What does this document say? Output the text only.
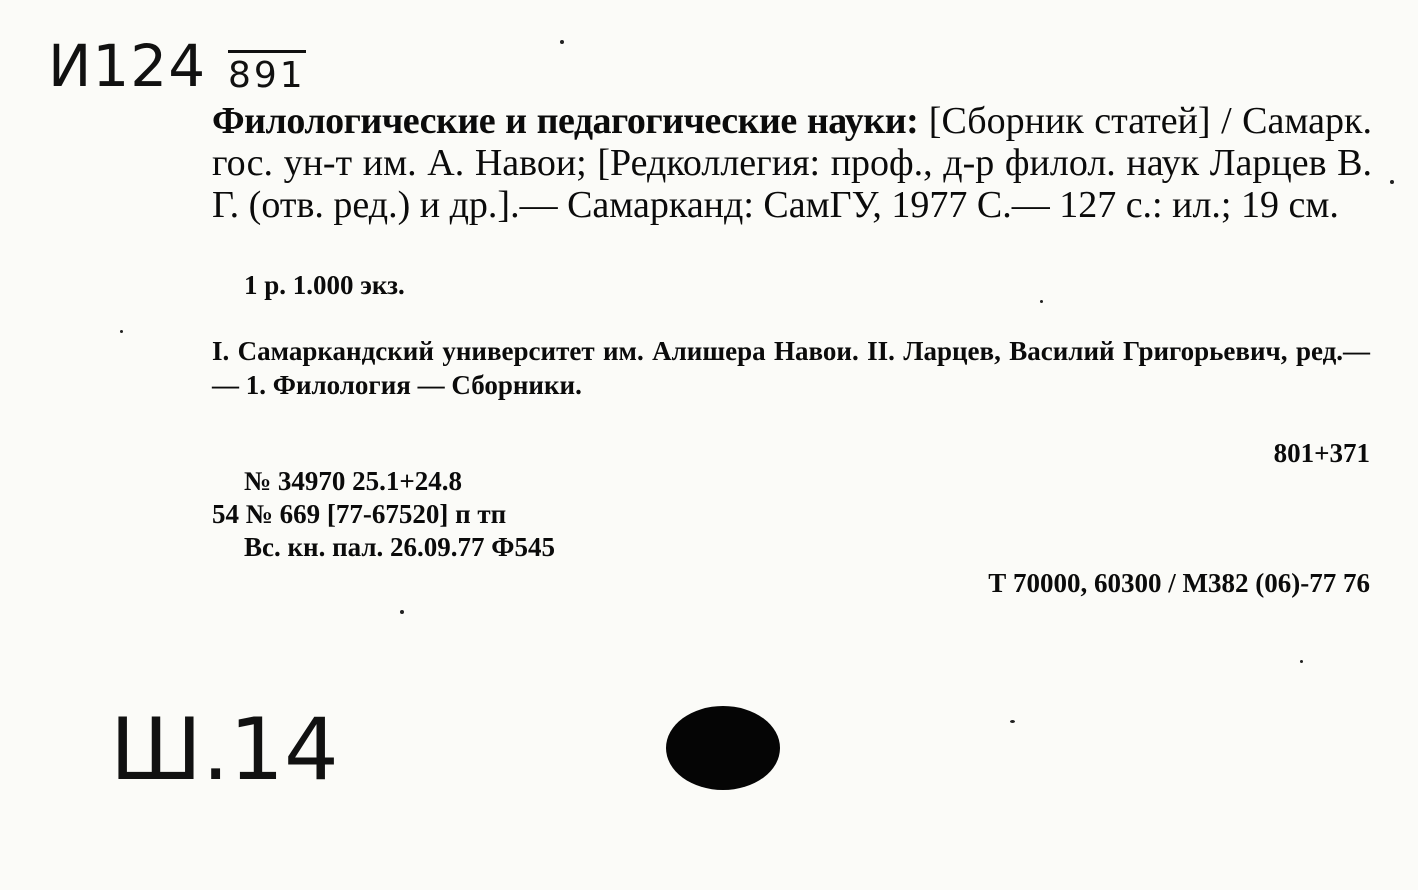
И124 891
Филологические и педагогические науки: [Сборник статей] / Самарк. гос. ун-т им. А. Навои; [Редколлегия: проф., д-р филол. наук Ларцев В. Г. (отв. ред.) и др.].— Самарканд: СамГУ, 1977 С.— 127 с.: ил.; 19 см.
1 р. 1.000 экз.
I. Самаркандский университет им. Алишера Навои. II. Ларцев, Василий Григорьевич, ред.— — 1. Филология — Сборники.
801+371
№ 34970 25.1+24.8
54 № 669 [77-67520] п тп
Вс. кн. пал. 26.09.77 Ф545
Т 70000, 60300 / М382 (06)-77 76
Ш.14
